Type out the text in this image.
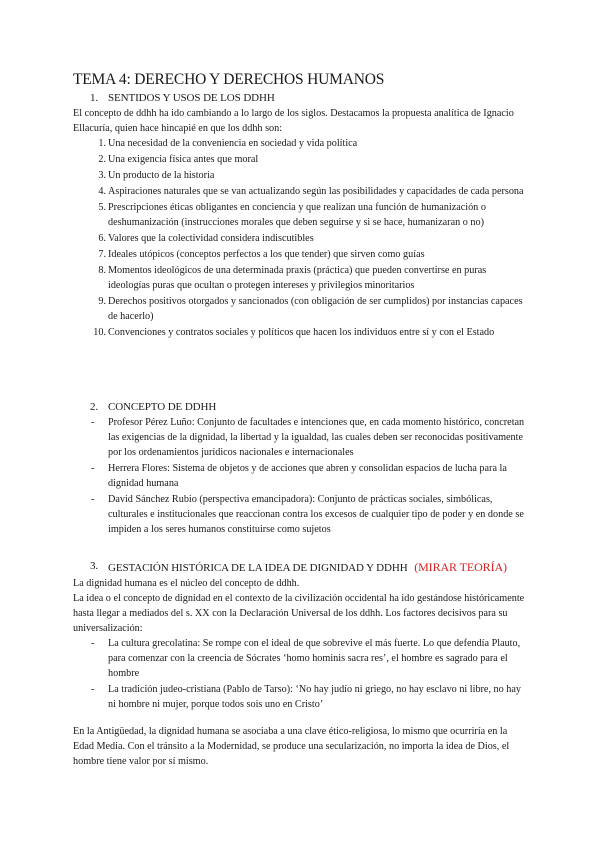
TEMA 4: DERECHO Y DERECHOS HUMANOS
1. SENTIDOS Y USOS DE LOS DDHH
El concepto de ddhh ha ido cambiando a lo largo de los siglos. Destacamos la propuesta analítica de Ignacio Ellacuría, quien hace hincapié en que los ddhh son:
1. Una necesidad de la conveniencia en sociedad y vida política
2. Una exigencia física antes que moral
3. Un producto de la historia
4. Aspiraciones naturales que se van actualizando según las posibilidades y capacidades de cada persona
5. Prescripciones éticas obligantes en conciencia y que realizan una función de humanización o deshumanización (instrucciones morales que deben seguirse y si se hace, humanizaran o no)
6. Valores que la colectividad considera indiscutibles
7. Ideales utópicos (conceptos perfectos a los que tender) que sirven como guías
8. Momentos ideológicos de una determinada praxis (práctica) que pueden convertirse en puras ideologías puras que ocultan o protegen intereses y privilegios minoritarios
9. Derechos positivos otorgados y sancionados (con obligación de ser cumplidos) por instancias capaces de hacerlo)
10. Convenciones y contratos sociales y políticos que hacen los individuos entre sí y con el Estado
2. CONCEPTO DE DDHH
- Profesor Pérez Luño: Conjunto de facultades e intenciones que, en cada momento histórico, concretan las exigencias de la dignidad, la libertad y la igualdad, las cuales deben ser reconocidas positivamente por los ordenamientos jurídicos nacionales e internacionales
- Herrera Flores: Sistema de objetos y de acciones que abren y consolidan espacios de lucha para la dignidad humana
- David Sánchez Rubio (perspectiva emancipadora): Conjunto de prácticas sociales, simbólicas, culturales e institucionales que reaccionan contra los excesos de cualquier tipo de poder y en donde se impiden a los seres humanos constituirse como sujetos
3. GESTACIÓN HISTÓRICA DE LA IDEA DE DIGNIDAD Y DDHH (MIRAR TEORÍA)
La dignidad humana es el núcleo del concepto de ddhh.
La idea o el concepto de dignidad en el contexto de la civilización occidental ha ido gestándose históricamente hasta llegar a mediados del s. XX con la Declaración Universal de los ddhh. Los factores decisivos para su universalización:
- La cultura grecolatina: Se rompe con el ideal de que sobrevive el más fuerte. Lo que defendía Plauto, para comenzar con la creencia de Sócrates ‘homo hominis sacra res’, el hombre es sagrado para el hombre
- La tradición judeo-cristiana (Pablo de Tarso): ‘No hay judío ni griego, no hay esclavo ni libre, no hay ni hombre ni mujer, porque todos sois uno en Cristo’
En la Antigüedad, la dignidad humana se asociaba a una clave ético-religiosa, lo mismo que ocurriría en la Edad Media. Con el tránsito a la Modernidad, se produce una secularización, no importa la idea de Dios, el hombre tiene valor por sí mismo.
